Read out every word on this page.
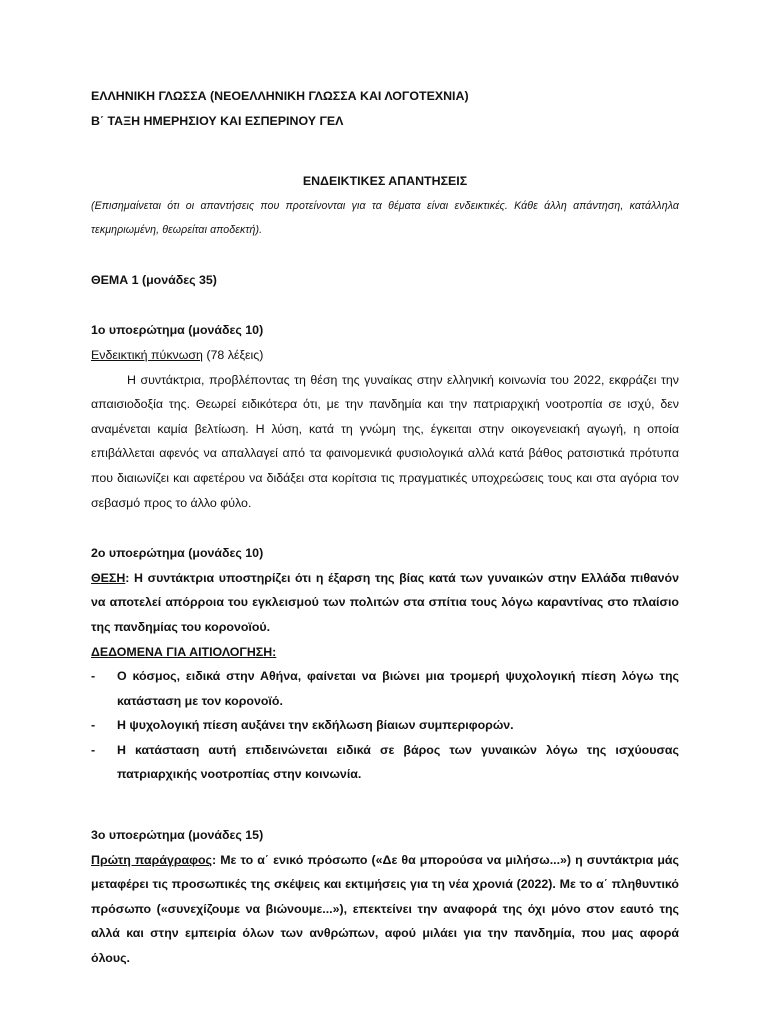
ΕΛΛΗΝΙΚΗ ΓΛΩΣΣΑ (ΝΕΟΕΛΛΗΝΙΚΗ ΓΛΩΣΣΑ ΚΑΙ ΛΟΓΟΤΕΧΝΙΑ)
Β΄ ΤΑΞΗ ΗΜΕΡΗΣΙΟΥ ΚΑΙ ΕΣΠΕΡΙΝΟΥ ΓΕΛ
ΕΝΔΕΙΚΤΙΚΕΣ ΑΠΑΝΤΗΣΕΙΣ

(Επισημαίνεται ότι οι απαντήσεις που προτείνονται για τα θέματα είναι ενδεικτικές. Κάθε άλλη απάντηση, κατάλληλα τεκμηριωμένη, θεωρείται αποδεκτή).

ΘΕΜΑ 1 (μονάδες 35)
1ο υποερώτημα (μονάδες 10)
Ενδεικτική πύκνωση (78 λέξεις)

Η συντάκτρια, προβλέποντας τη θέση της γυναίκας στην ελληνική κοινωνία του 2022, εκφράζει την απαισιοδοξία της. Θεωρεί ειδικότερα ότι, με την πανδημία και την πατριαρχική νοοτροπία σε ισχύ, δεν αναμένεται καμία βελτίωση. Η λύση, κατά τη γνώμη της, έγκειται στην οικογενειακή αγωγή, η οποία επιβάλλεται αφενός να απαλλαγεί από τα φαινομενικά φυσιολογικά αλλά κατά βάθος ρατσιστικά πρότυπα που διαιωνίζει και αφετέρου να διδάξει στα κορίτσια τις πραγματικές υποχρεώσεις τους και στα αγόρια τον σεβασμό προς το άλλο φύλο.

2ο υποερώτημα (μονάδες 10)

ΘΕΣΗ: Η συντάκτρια υποστηρίζει ότι η έξαρση της βίας κατά των γυναικών στην Ελλάδα πιθανόν να αποτελεί απόρροια του εγκλεισμού των πολιτών στα σπίτια τους λόγω καραντίνας στο πλαίσιο της πανδημίας του κορονοϊού.

ΔΕΔΟΜΕΝΑ ΓΙΑ ΑΙΤΙΟΛΟΓΗΣΗ:
- Ο κόσμος, ειδικά στην Αθήνα, φαίνεται να βιώνει μια τρομερή ψυχολογική πίεση λόγω της κατάσταση με τον κορονοϊό.
- Η ψυχολογική πίεση αυξάνει την εκδήλωση βίαιων συμπεριφορών.
- Η κατάσταση αυτή επιδεινώνεται ειδικά σε βάρος των γυναικών λόγω της ισχύουσας πατριαρχικής νοοτροπίας στην κοινωνία.
3ο υποερώτημα (μονάδες 15)

Πρώτη παράγραφος: Με το α΄ ενικό πρόσωπο («Δε θα μπορούσα να μιλήσω...») η συντάκτρια μάς μεταφέρει τις προσωπικές της σκέψεις και εκτιμήσεις για τη νέα χρονιά (2022). Με το α΄ πληθυντικό πρόσωπο («συνεχίζουμε να βιώνουμε...»), επεκτείνει την αναφορά της όχι μόνο στον εαυτό της αλλά και στην εμπειρία όλων των ανθρώπων, αφού μιλάει για την πανδημία, που μας αφορά όλους.
